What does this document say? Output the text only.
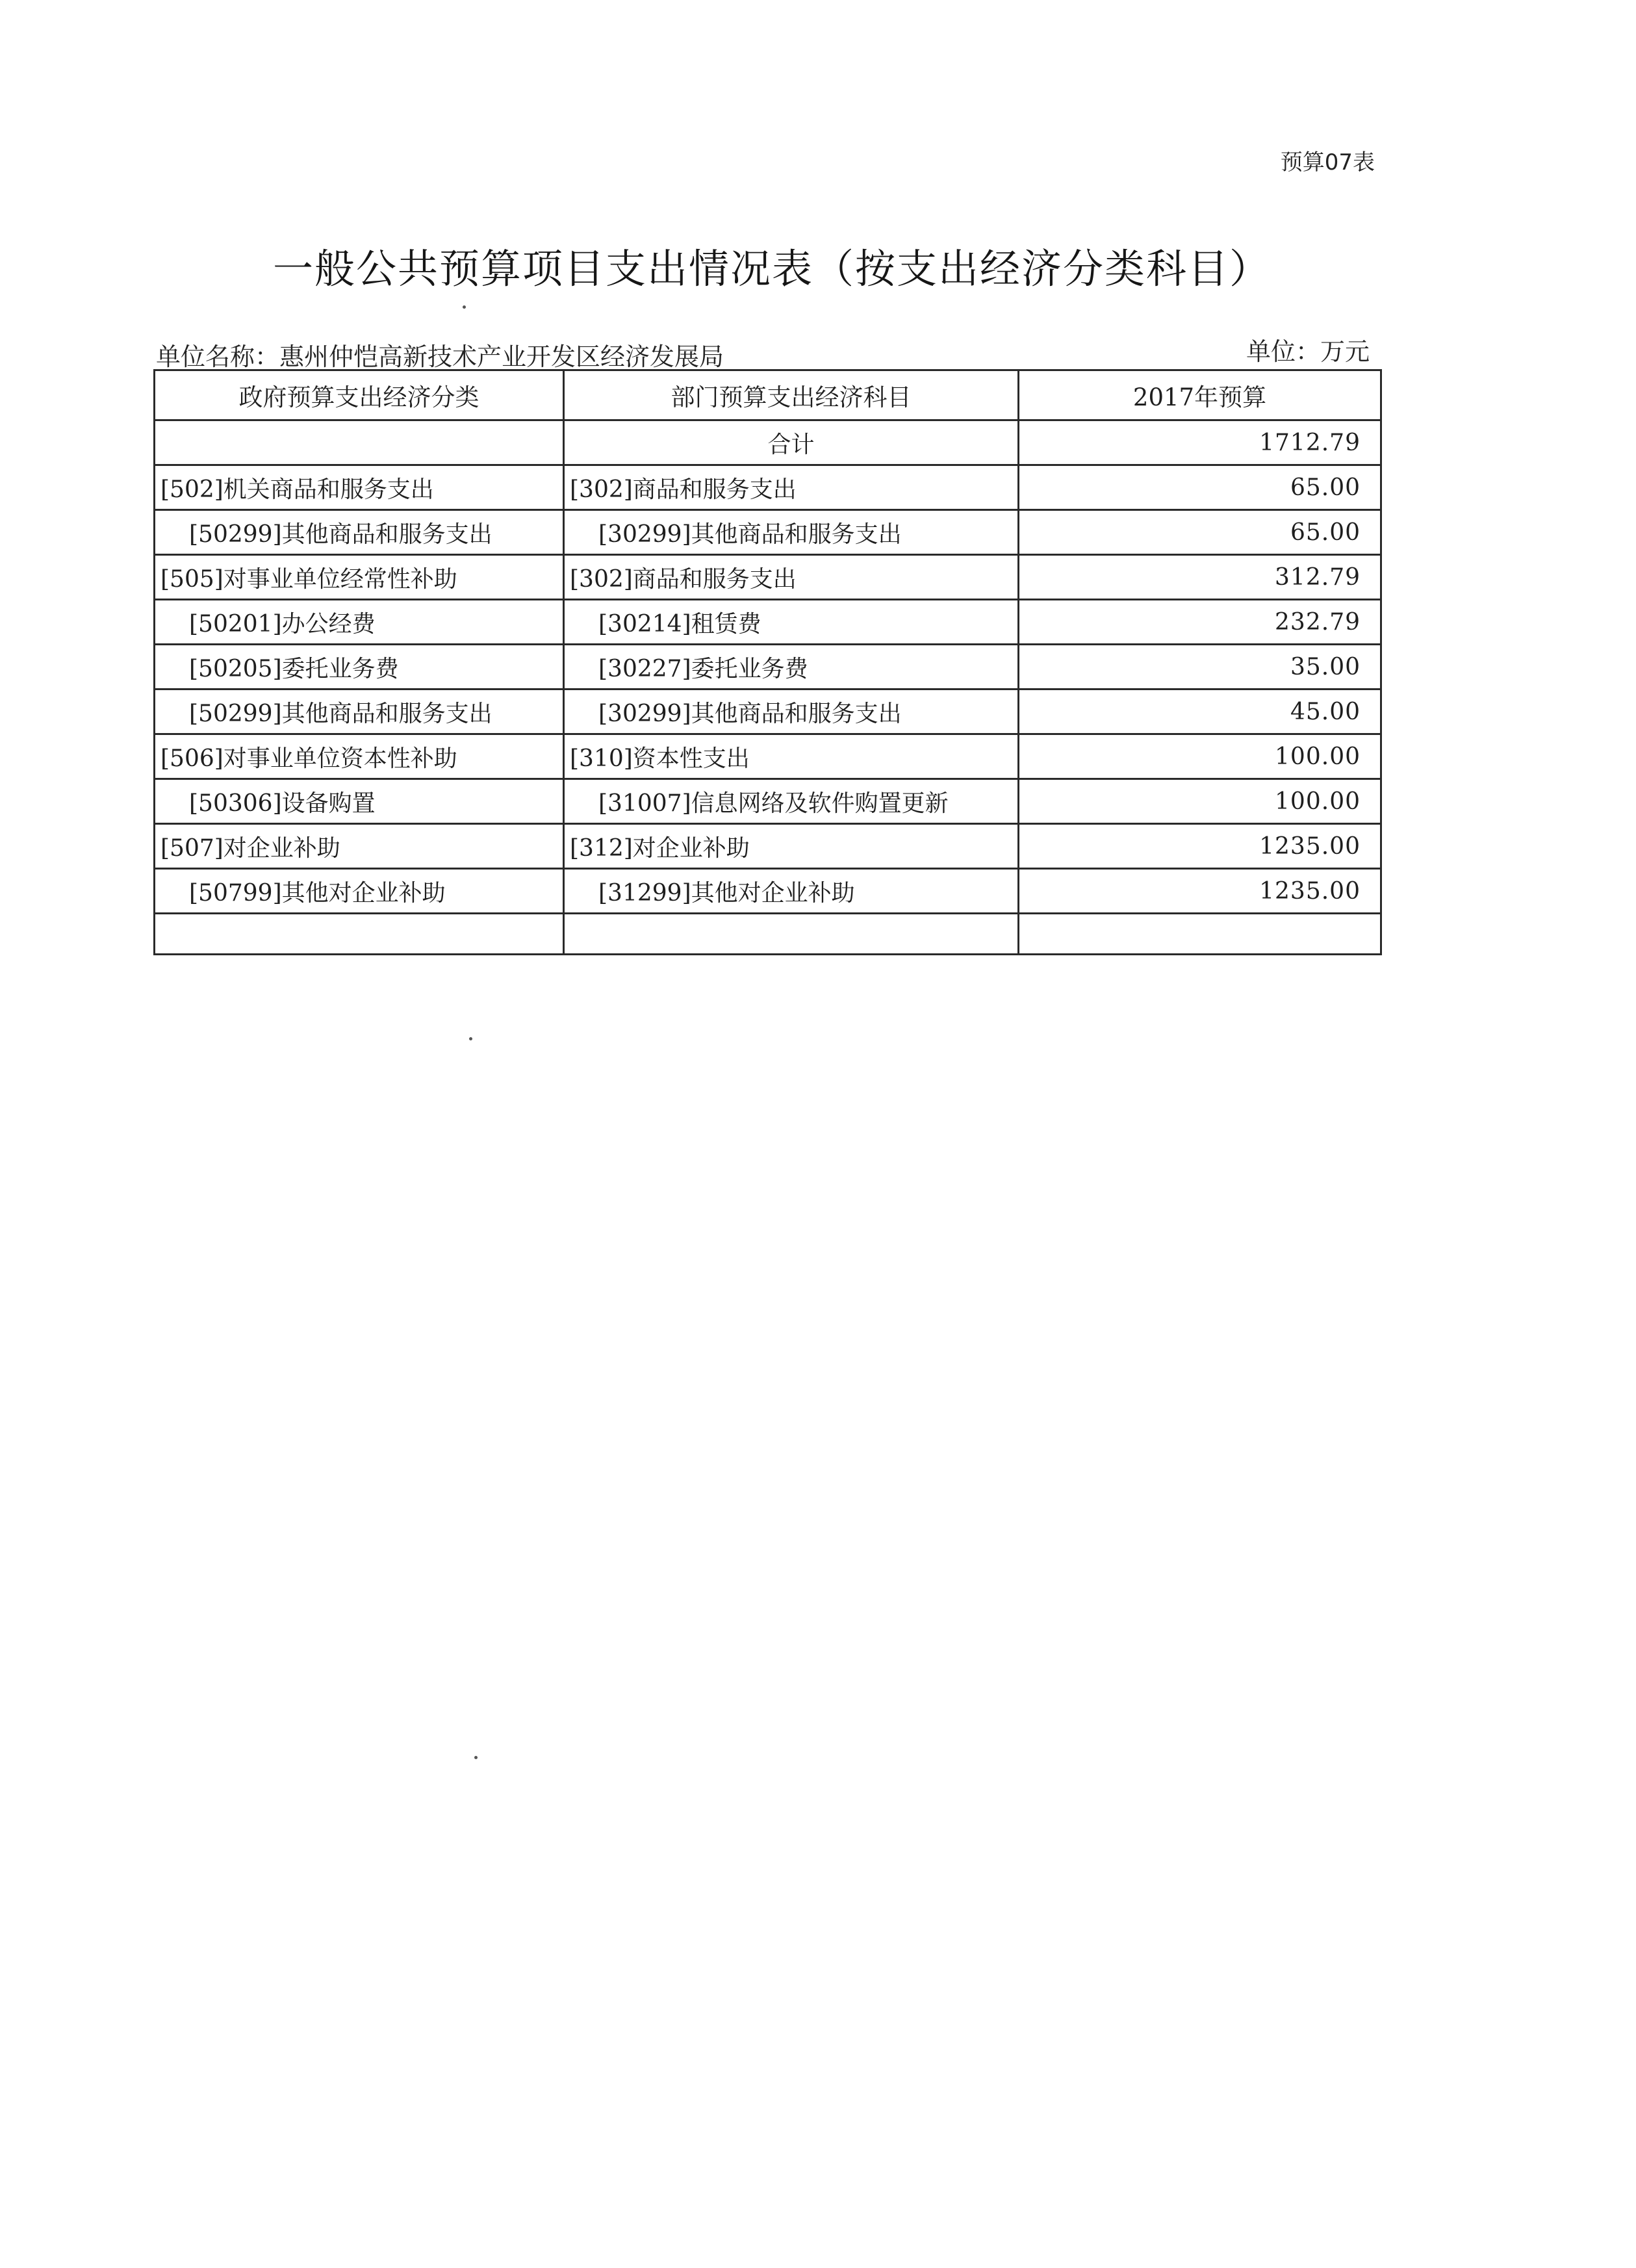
预算07表
一般公共预算项目支出情况表（按支出经济分类科目）
单位名称：惠州仲恺高新技术产业开发区经济发展局	单位：万元
政府预算支出经济分类	部门预算支出经济科目	2017年预算
	合计	1712.79
[502]机关商品和服务支出	[302]商品和服务支出	65.00
[50299]其他商品和服务支出	[30299]其他商品和服务支出	65.00
[505]对事业单位经常性补助	[302]商品和服务支出	312.79
[50201]办公经费	[30214]租赁费	232.79
[50205]委托业务费	[30227]委托业务费	35.00
[50299]其他商品和服务支出	[30299]其他商品和服务支出	45.00
[506]对事业单位资本性补助	[310]资本性支出	100.00
[50306]设备购置	[31007]信息网络及软件购置更新	100.00
[507]对企业补助	[312]对企业补助	1235.00
[50799]其他对企业补助	[31299]其他对企业补助	1235.00
